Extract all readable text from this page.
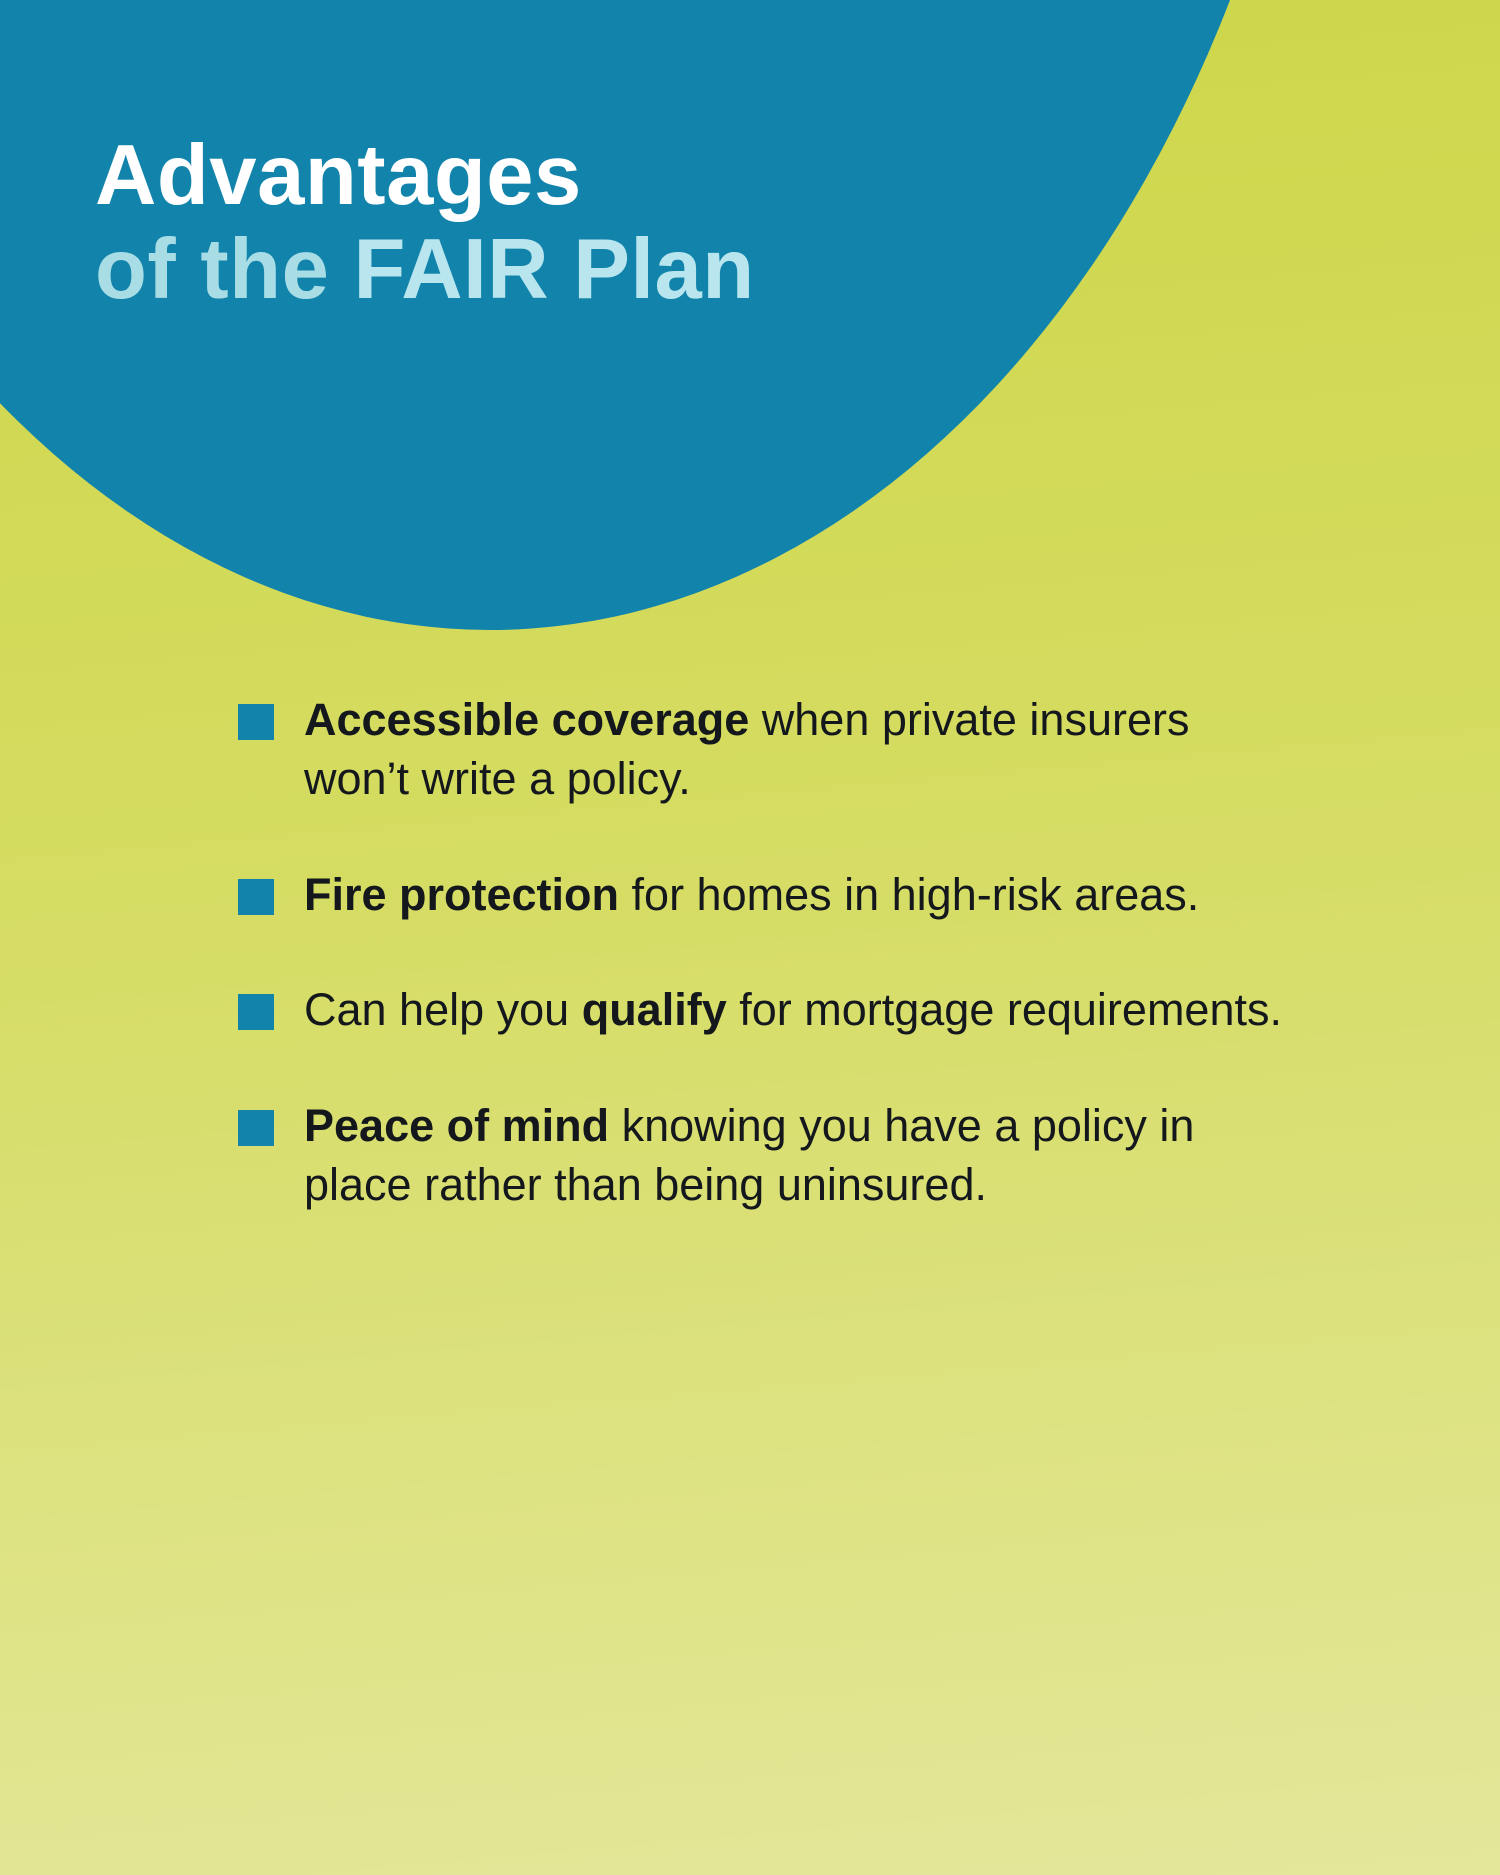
Advantages
of the FAIR Plan
Accessible coverage when private insurers won’t write a policy.
Fire protection for homes in high-risk areas.
Can help you qualify for mortgage requirements.
Peace of mind knowing you have a policy in place rather than being uninsured.
